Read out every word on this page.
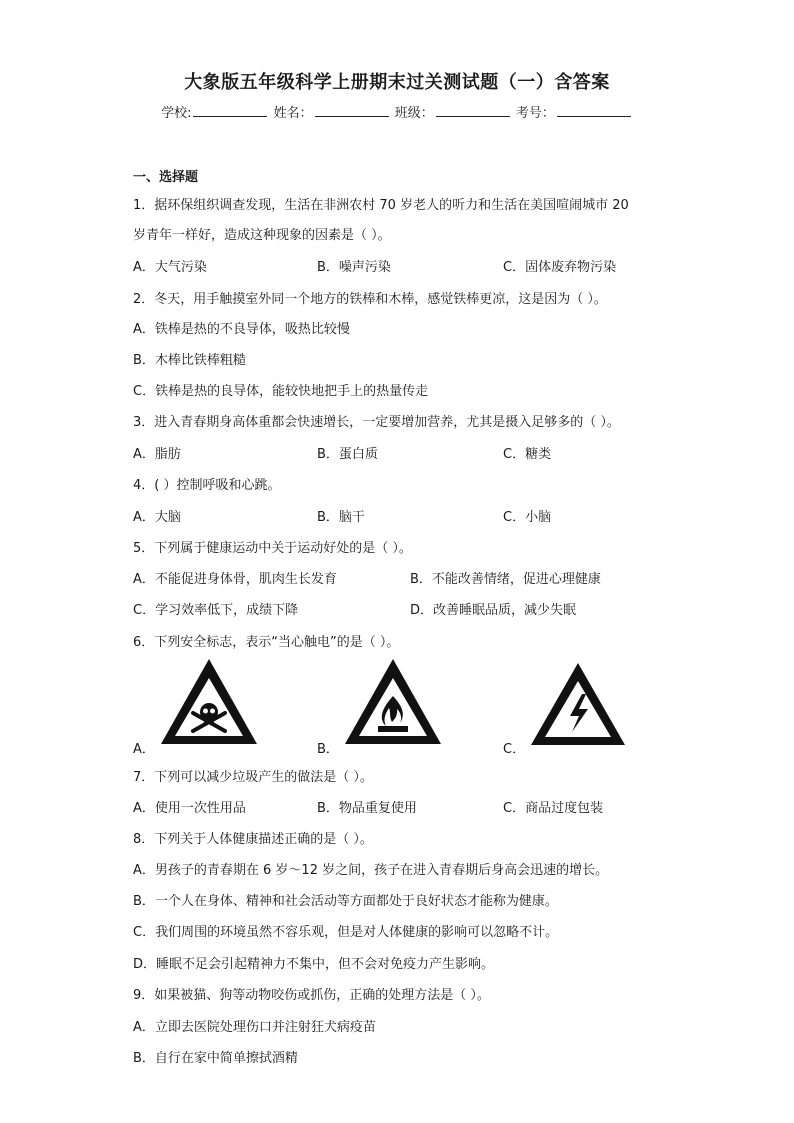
大象版五年级科学上册期末过关测试题（一）含答案
学校:	姓名：	班级：	考号：
一、选择题
1．据环保组织调查发现，生活在非洲农村 70 岁老人的听力和生活在美国喧闹城市 20
岁青年一样好，造成这种现象的因素是（ ）。
A．大气污染	B．噪声污染	C．固体废弃物污染
2．冬天，用手触摸室外同一个地方的铁棒和木棒，感觉铁棒更凉，这是因为（ ）。
A．铁棒是热的不良导体，吸热比较慢
B．木棒比铁棒粗糙
C．铁棒是热的良导体，能较快地把手上的热量传走
3．进入青春期身高体重都会快速增长，一定要增加营养，尤其是摄入足够多的（ ）。
A．脂肪	B．蛋白质	C．糖类
4．( ）控制呼吸和心跳。
A．大脑	B．脑干	C．小脑
5．下列属于健康运动中关于运动好处的是（ ）。
A．不能促进身体骨，肌肉生长发育	B．不能改善情绪，促进心理健康
C．学习效率低下，成绩下降	D．改善睡眠品质，减少失眠
6．下列安全标志，表示“当心触电”的是（ ）。
A．	B．	C．
7．下列可以减少垃圾产生的做法是（ ）。
A．使用一次性用品	B．物品重复使用	C．商品过度包装
8．下列关于人体健康描述正确的是（ ）。
A．男孩子的青春期在 6 岁～12 岁之间，孩子在进入青春期后身高会迅速的增长。
B．一个人在身体、精神和社会活动等方面都处于良好状态才能称为健康。
C．我们周围的环境虽然不容乐观，但是对人体健康的影响可以忽略不计。
D．睡眠不足会引起精神力不集中，但不会对免疫力产生影响。
9．如果被猫、狗等动物咬伤或抓伤，正确的处理方法是（ ）。
A．立即去医院处理伤口并注射狂犬病疫苗
B．自行在家中简单擦拭酒精
